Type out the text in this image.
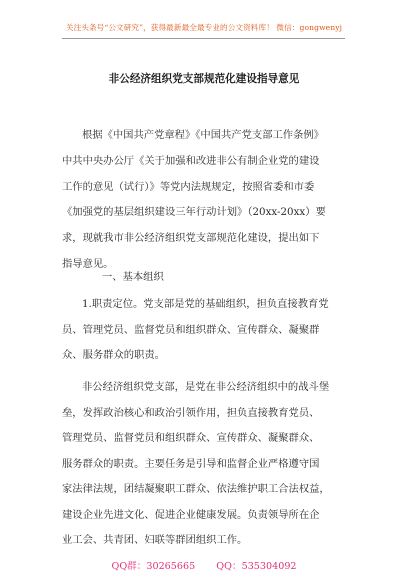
关注头条号“公文研究”，获得最新最全最专业的公文资料库！ 微信：gongwenyj
非公经济组织党支部规范化建设指导意见
根据《中国共产党章程》《中国共产党支部工作条例》
中共中央办公厅《关于加强和改进非公有制企业党的建设
工作的意见（试行）》等党内法规规定，按照省委和市委
《加强党的基层组织建设三年行动计划》（20xx-20xx）要
求，现就我市非公经济组织党支部规范化建设，提出如下
指导意见。
一、基本组织
1.职责定位。党支部是党的基础组织，担负直接教育党
员、管理党员、监督党员和组织群众、宣传群众、凝聚群
众、服务群众的职责。
非公经济组织党支部，是党在非公经济组织中的战斗堡
垒，发挥政治核心和政治引领作用，担负直接教育党员、
管理党员、监督党员和组织群众、宣传群众、凝聚群众、
服务群众的职责。主要任务是引导和监督企业严格遵守国
家法律法规，团结凝聚职工群众、依法维护职工合法权益，
建设企业先进文化、促进企业健康发展。负责领导所在企
业工会、共青团、妇联等群团组织工作。
QQ群：30265665 QQ：535304092
